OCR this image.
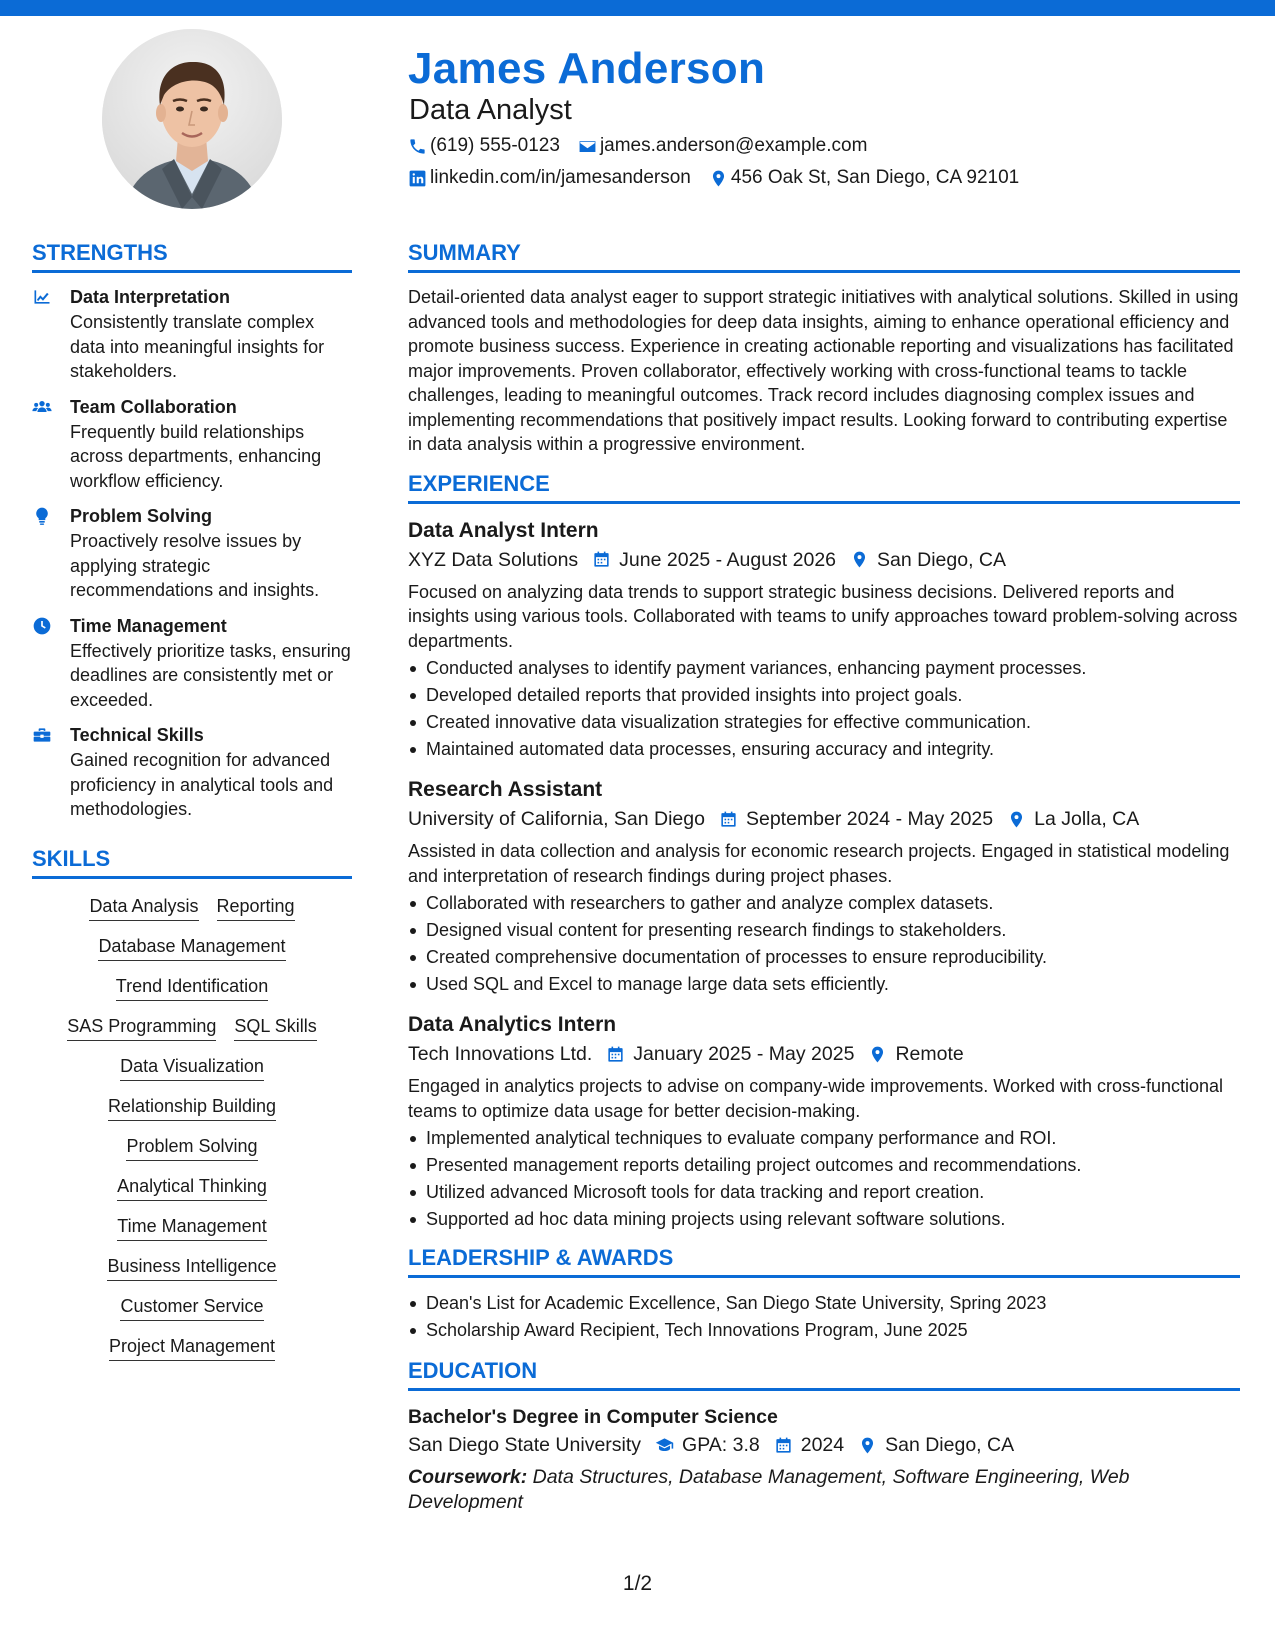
James Anderson
Data Analyst
(619) 555-0123 james.anderson@example.com
linkedin.com/in/jamesanderson 456 Oak St, San Diego, CA 92101
STRENGTHS
Data Interpretation
Consistently translate complex data into meaningful insights for stakeholders.
Team Collaboration
Frequently build relationships across departments, enhancing workflow efficiency.
Problem Solving
Proactively resolve issues by applying strategic recommendations and insights.
Time Management
Effectively prioritize tasks, ensuring deadlines are consistently met or exceeded.
Technical Skills
Gained recognition for advanced proficiency in analytical tools and methodologies.
SKILLS
Data Analysis Reporting
Database Management
Trend Identification
SAS Programming SQL Skills
Data Visualization
Relationship Building
Problem Solving
Analytical Thinking
Time Management
Business Intelligence
Customer Service
Project Management
SUMMARY
Detail-oriented data analyst eager to support strategic initiatives with analytical solutions. Skilled in using advanced tools and methodologies for deep data insights, aiming to enhance operational efficiency and promote business success. Experience in creating actionable reporting and visualizations has facilitated major improvements. Proven collaborator, effectively working with cross-functional teams to tackle challenges, leading to meaningful outcomes. Track record includes diagnosing complex issues and implementing recommendations that positively impact results. Looking forward to contributing expertise in data analysis within a progressive environment.
EXPERIENCE
Data Analyst Intern
XYZ Data Solutions June 2025 - August 2026 San Diego, CA
Focused on analyzing data trends to support strategic business decisions. Delivered reports and insights using various tools. Collaborated with teams to unify approaches toward problem-solving across departments.
Conducted analyses to identify payment variances, enhancing payment processes.
Developed detailed reports that provided insights into project goals.
Created innovative data visualization strategies for effective communication.
Maintained automated data processes, ensuring accuracy and integrity.
Research Assistant
University of California, San Diego September 2024 - May 2025 La Jolla, CA
Assisted in data collection and analysis for economic research projects. Engaged in statistical modeling and interpretation of research findings during project phases.
Collaborated with researchers to gather and analyze complex datasets.
Designed visual content for presenting research findings to stakeholders.
Created comprehensive documentation of processes to ensure reproducibility.
Used SQL and Excel to manage large data sets efficiently.
Data Analytics Intern
Tech Innovations Ltd. January 2025 - May 2025 Remote
Engaged in analytics projects to advise on company-wide improvements. Worked with cross-functional teams to optimize data usage for better decision-making.
Implemented analytical techniques to evaluate company performance and ROI.
Presented management reports detailing project outcomes and recommendations.
Utilized advanced Microsoft tools for data tracking and report creation.
Supported ad hoc data mining projects using relevant software solutions.
LEADERSHIP & AWARDS
Dean's List for Academic Excellence, San Diego State University, Spring 2023
Scholarship Award Recipient, Tech Innovations Program, June 2025
EDUCATION
Bachelor's Degree in Computer Science
San Diego State University GPA: 3.8 2024 San Diego, CA
Coursework: Data Structures, Database Management, Software Engineering, Web Development
1/2
